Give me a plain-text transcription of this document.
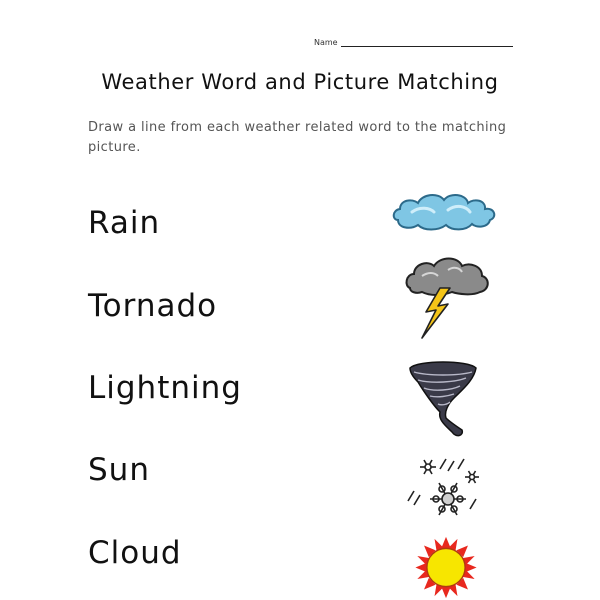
Name
Weather Word and Picture Matching

Draw a line from each weather related word to the matching picture.

Rain
Tornado
Lightning
Sun
Cloud
